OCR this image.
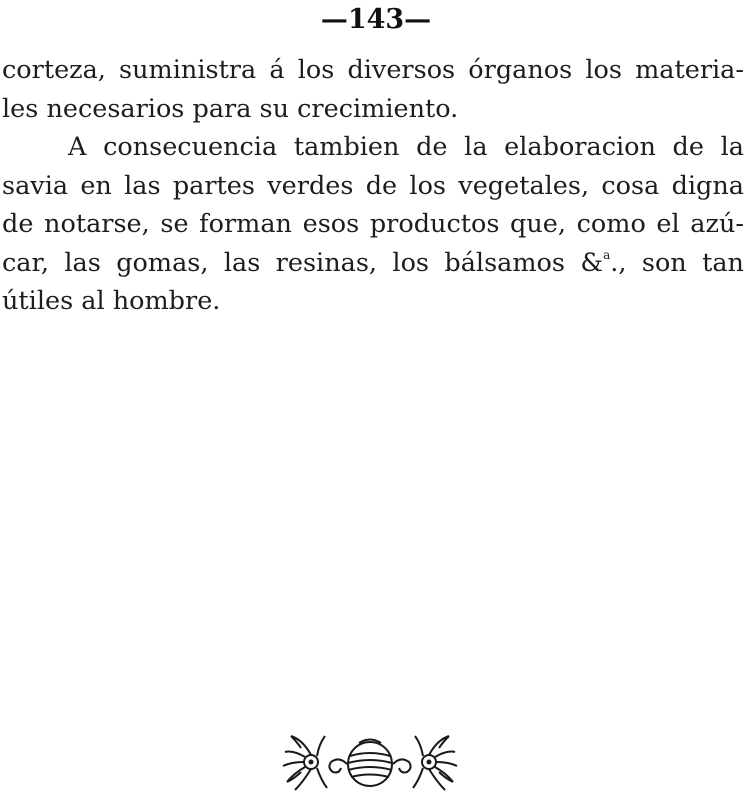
—143—
corteza, suministra á los diversos órganos los materia-
les necesarios para su crecimiento.
A consecuencia tambien de la elaboracion de la
savia en las partes verdes de los vegetales, cosa digna
de notarse, se forman esos productos que, como el azú-
car, las gomas, las resinas, los bálsamos &$^a$., son tan
útiles al hombre.
